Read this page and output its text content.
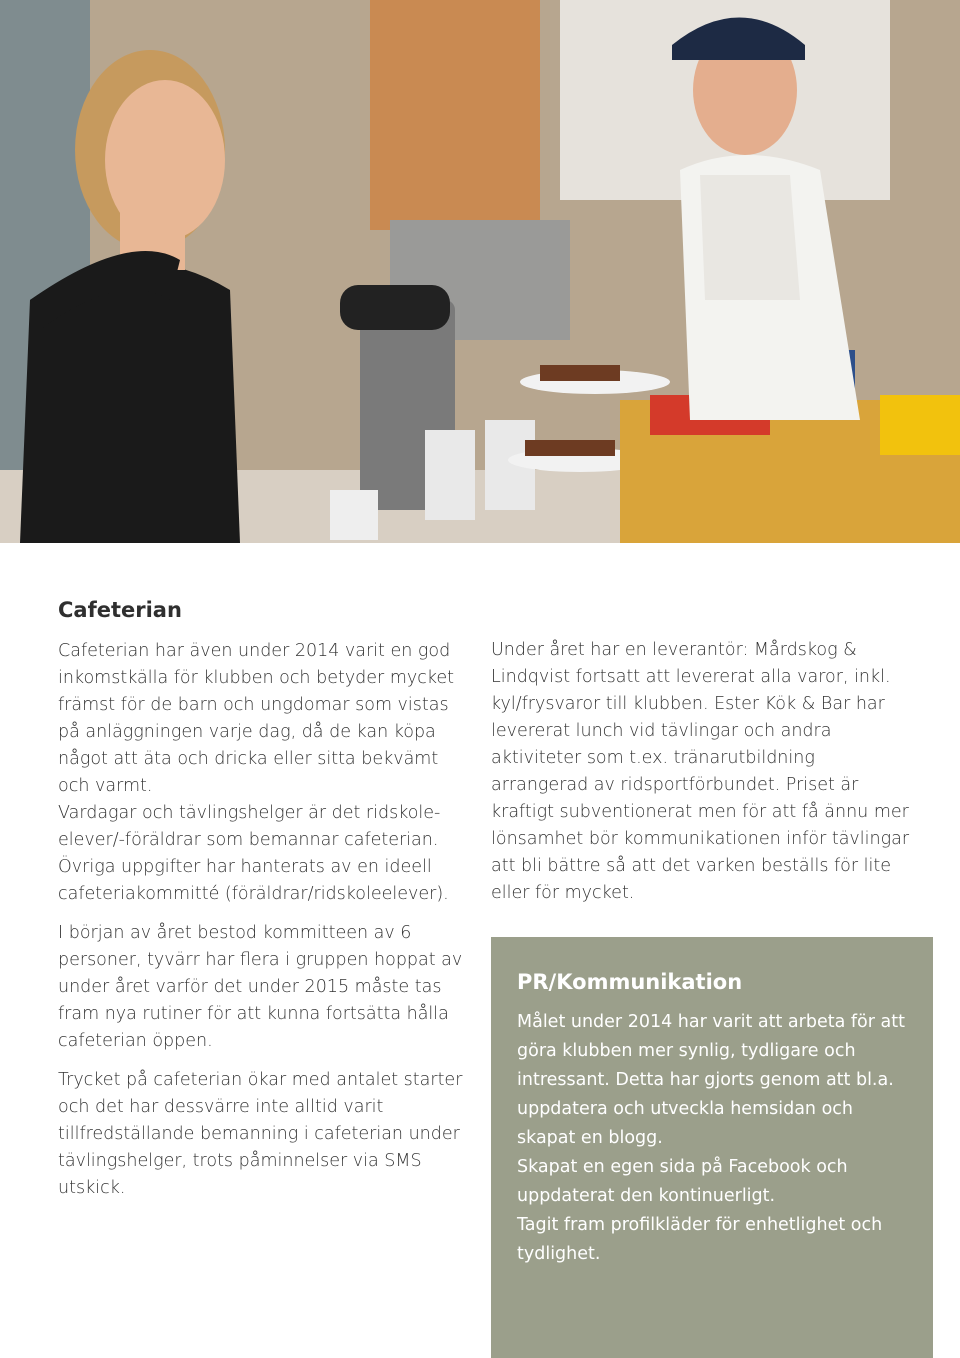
Cafeterian

Cafeterian har även under 2014 varit en god inkomstkälla för klubben och betyder mycket främst för de barn och ungdomar som vistas på anläggningen varje dag, då de kan köpa något att äta och dricka eller sitta bekvämt och varmt.
Vardagar och tävlingshelger är det ridskole-elever/-föräldrar som bemannar cafeterian. Övriga uppgifter har hanterats av en ideell cafeteriakommitté (föräldrar/ridskoleelever).

I början av året bestod kommitteen av 6 personer, tyvärr har flera i gruppen hoppat av under året varför det under 2015 måste tas fram nya rutiner för att kunna fortsätta hålla cafeterian öppen.

Trycket på cafeterian ökar med antalet starter och det har dessvärre inte alltid varit tillfredställande bemanning i cafeterian under tävlingshelger, trots påminnelser via SMS utskick.

Under året har en leverantör: Mårdskog & Lindqvist fortsatt att levererat alla varor, inkl. kyl/frysvaror till klubben. Ester Kök & Bar har levererat lunch vid tävlingar och andra aktiviteter som t.ex. tränarutbildning arrangerad av ridsportförbundet. Priset är kraftigt subventionerat men för att få ännu mer lönsamhet bör kommunikationen inför tävlingar att bli bättre så att det varken beställs för lite eller för mycket.

PR/Kommunikation

Målet under 2014 har varit att arbeta för att göra klubben mer synlig, tydligare och intressant. Detta har gjorts genom att bl.a. uppdatera och utveckla hemsidan och skapat en blogg.
Skapat en egen sida på Facebook och uppdaterat den kontinuerligt.
Tagit fram profilkläder för enhetlighet och tydlighet.
